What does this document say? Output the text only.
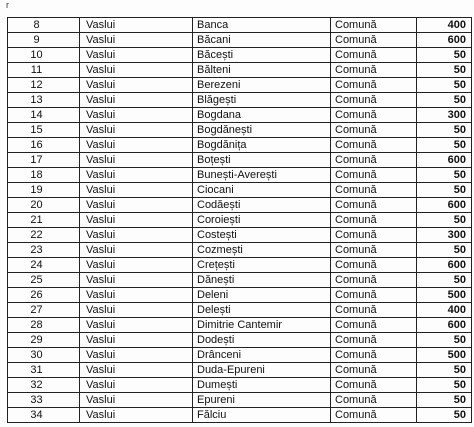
r
8	Vaslui	Banca	Comună	400
9	Vaslui	Băcani	Comună	600
10	Vaslui	Băcești	Comună	50
11	Vaslui	Bălteni	Comună	50
12	Vaslui	Berezeni	Comună	50
13	Vaslui	Blăgești	Comună	50
14	Vaslui	Bogdana	Comună	300
15	Vaslui	Bogdănești	Comună	50
16	Vaslui	Bogdănița	Comună	50
17	Vaslui	Boțești	Comună	600
18	Vaslui	Bunești-Averești	Comună	50
19	Vaslui	Ciocani	Comună	50
20	Vaslui	Codăești	Comună	600
21	Vaslui	Coroiești	Comună	50
22	Vaslui	Costești	Comună	300
23	Vaslui	Cozmești	Comună	50
24	Vaslui	Crețești	Comună	600
25	Vaslui	Dănești	Comună	50
26	Vaslui	Deleni	Comună	500
27	Vaslui	Delești	Comună	400
28	Vaslui	Dimitrie Cantemir	Comună	600
29	Vaslui	Dodești	Comună	50
30	Vaslui	Drânceni	Comună	500
31	Vaslui	Duda-Epureni	Comună	50
32	Vaslui	Dumești	Comună	50
33	Vaslui	Epureni	Comună	50
34	Vaslui	Fălciu	Comună	50
